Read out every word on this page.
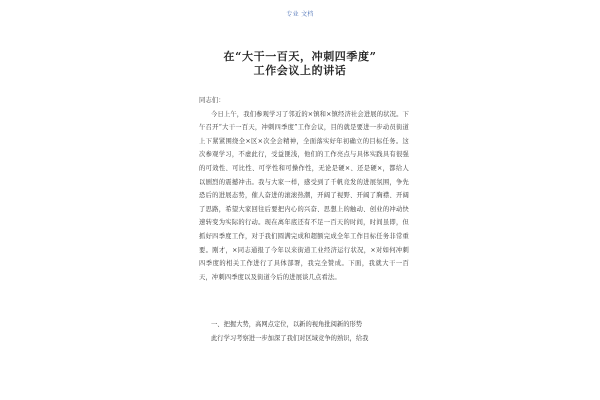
专业 文档
在“大干一百天，冲刺四季度”
工作会议上的讲话

同志们：

今日上午，我们参观学习了邻近的×镇和×镇经济社会进展的状况。下午召开“大干一百天，冲刺四季度”工作会议，目的就是要进一步动员街道上下紧紧围绕全×区×次全会精神，全面落实好年初确立的目标任务。这次参观学习，不虚此行，受益匪浅，他们的工作亮点与具体实践具有很强的可效性、可比性、可学性和可操作性，无论是硬×、还是硬×，都给人以剧烈的震撼冲击。我与大家一样，感受到了千帆竞发的进展氛围，争先恐后的进展态势，催人奋进的滚滚热潮，开阔了视野、开阔了胸襟、开阔了思路，希望大家回往后要把内心的兴奋、思想上的触动、创业的冲动快速转变为实际的行动。现在离年底还有不足一百天的时间，时间虽即，但抓好四季度工作，对于我们圆满完成和超额完成全年工作目标任务非常重要。刚才，×同志通报了今年以来街道工业经济运行状况，×对如何冲刺四季度的相关工作进行了具体部署，我完全赞成。下面，我就大干一百天，冲刺四季度以及街道今后的进展谈几点看法。

一、把握大势，高网点定位，以新的视角批阅新的形势

此行学习考察进一步加深了我们对区域竞争的熟识，给我
